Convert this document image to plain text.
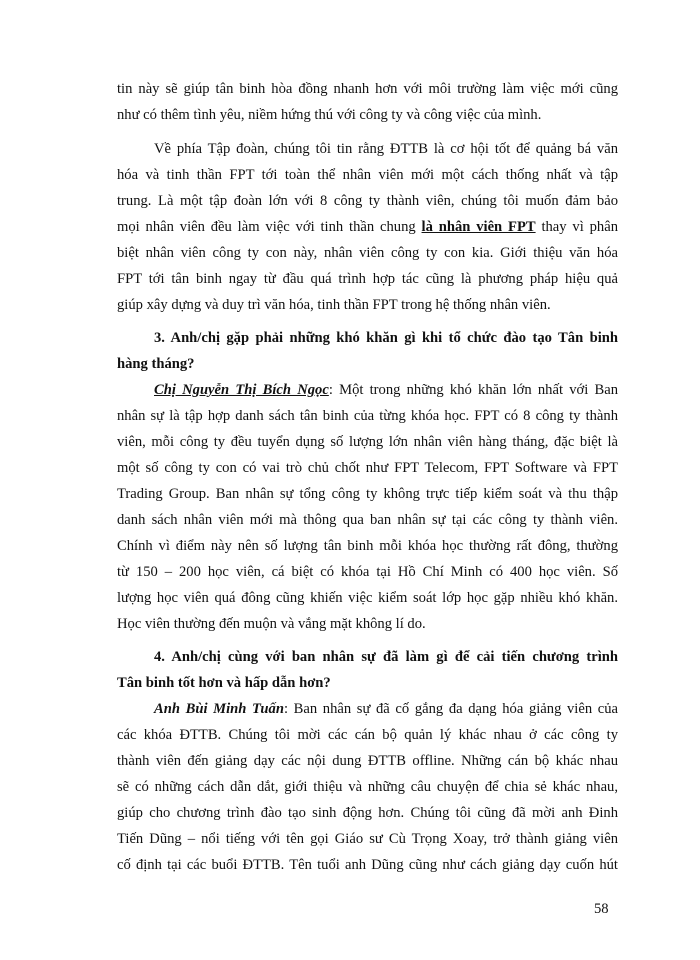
tin này sẽ giúp tân binh hòa đồng nhanh hơn với môi trường làm việc mới cũng
như có thêm tình yêu, niềm hứng thú với công ty và công việc của mình.
Về phía Tập đoàn, chúng tôi tin rằng ĐTTB là cơ hội tốt để quảng bá văn
hóa và tinh thần FPT tới toàn thể nhân viên mới một cách thống nhất và tập
trung. Là một tập đoàn lớn với 8 công ty thành viên, chúng tôi muốn đảm bảo
mọi nhân viên đều làm việc với tinh thần chung là nhân viên FPT thay vì phân
biệt nhân viên công ty con này, nhân viên công ty con kia. Giới thiệu văn hóa
FPT tới tân binh ngay từ đầu quá trình hợp tác cũng là phương pháp hiệu quả
giúp xây dựng và duy trì văn hóa, tinh thần FPT trong hệ thống nhân viên.
3. Anh/chị gặp phải những khó khăn gì khi tổ chức đào tạo Tân binh
hàng tháng?
Chị Nguyễn Thị Bích Ngọc: Một trong những khó khăn lớn nhất với Ban
nhân sự là tập hợp danh sách tân binh của từng khóa học. FPT có 8 công ty thành
viên, mỗi công ty đều tuyển dụng số lượng lớn nhân viên hàng tháng, đặc biệt là
một số công ty con có vai trò chủ chốt như FPT Telecom, FPT Software và FPT
Trading Group. Ban nhân sự tổng công ty không trực tiếp kiểm soát và thu thập
danh sách nhân viên mới mà thông qua ban nhân sự tại các công ty thành viên.
Chính vì điểm này nên số lượng tân binh mỗi khóa học thường rất đông, thường
từ 150 – 200 học viên, cá biệt có khóa tại Hồ Chí Minh có 400 học viên. Số
lượng học viên quá đông cũng khiến việc kiểm soát lớp học gặp nhiều khó khăn.
Học viên thường đến muộn và vắng mặt không lí do.
4. Anh/chị cùng với ban nhân sự đã làm gì để cải tiến chương trình
Tân binh tốt hơn và hấp dẫn hơn?
Anh Bùi Minh Tuấn: Ban nhân sự đã cố gắng đa dạng hóa giảng viên của
các khóa ĐTTB. Chúng tôi mời các cán bộ quản lý khác nhau ở các công ty
thành viên đến giảng dạy các nội dung ĐTTB offline. Những cán bộ khác nhau
sẽ có những cách dẫn dắt, giới thiệu và những câu chuyện để chia sẻ khác nhau,
giúp cho chương trình đào tạo sinh động hơn. Chúng tôi cũng đã mời anh Đinh
Tiến Dũng – nổi tiếng với tên gọi Giáo sư Cù Trọng Xoay, trở thành giảng viên
cố định tại các buổi ĐTTB. Tên tuổi anh Dũng cũng như cách giảng dạy cuốn hút
58
